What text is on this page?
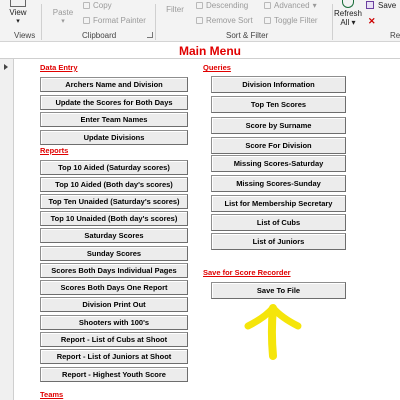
View
▾
Paste
▾
Copy
Format Painter
Filter	Descending
Remove Sort
Advanced ▾
Toggle Filter
Refresh
All ▾
Save
✕
Views	Clipboard	Sort & Filter	Re
Main Menu
Data Entry
Reports
Queries
Save for Score Recorder
Teams
Archers Name and Division
Update the Scores for Both Days
Enter Team Names
Update Divisions
Top 10 Aided (Saturday scores)
Top 10 Aided (Both day's scores)
Top Ten Unaided (Saturday's scores)
Top 10 Unaided (Both day's scores)
Saturday Scores
Sunday Scores
Scores Both Days Individual Pages
Scores Both Days One Report
Division Print Out
Shooters with 100's
Report - List of Cubs at Shoot
Report - List of Juniors at Shoot
Report - Highest Youth Score
Division Information
Top Ten Scores
Score by Surname
Score For Division
Missing Scores-Saturday
Missing Scores-Sunday
List for Membership Secretary
List of Cubs
List of Juniors
Save To File
